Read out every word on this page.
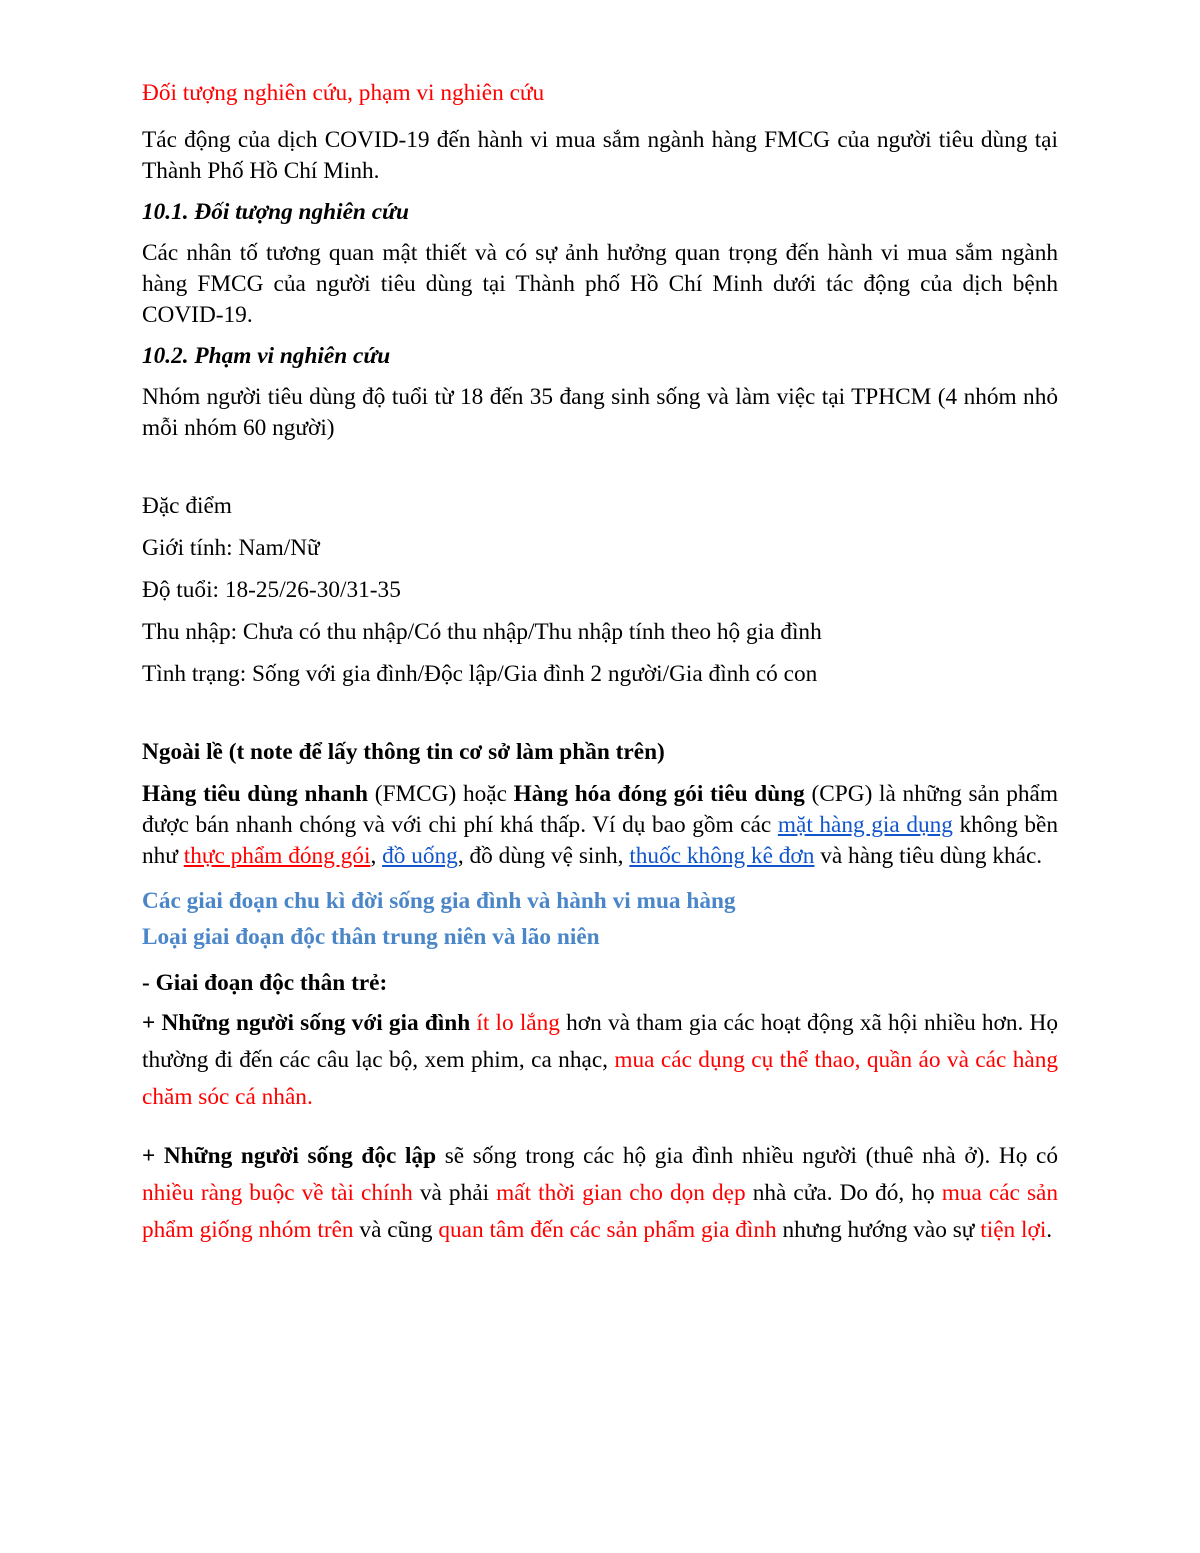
Đối tượng nghiên cứu, phạm vi nghiên cứu

Tác động của dịch COVID-19 đến hành vi mua sắm ngành hàng FMCG của người tiêu dùng tại Thành Phố Hồ Chí Minh.

10.1. Đối tượng nghiên cứu

Các nhân tố tương quan mật thiết và có sự ảnh hưởng quan trọng đến hành vi mua sắm ngành hàng FMCG của người tiêu dùng tại Thành phố Hồ Chí Minh dưới tác động của dịch bệnh COVID-19.

10.2. Phạm vi nghiên cứu

Nhóm người tiêu dùng độ tuổi từ 18 đến 35 đang sinh sống và làm việc tại TPHCM (4 nhóm nhỏ mỗi nhóm 60 người)

Đặc điểm

Giới tính: Nam/Nữ

Độ tuổi: 18-25/26-30/31-35

Thu nhập: Chưa có thu nhập/Có thu nhập/Thu nhập tính theo hộ gia đình

Tình trạng: Sống với gia đình/Độc lập/Gia đình 2 người/Gia đình có con

Ngoài lề (t note để lấy thông tin cơ sở làm phần trên)

Hàng tiêu dùng nhanh (FMCG) hoặc Hàng hóa đóng gói tiêu dùng (CPG) là những sản phẩm được bán nhanh chóng và với chi phí khá thấp. Ví dụ bao gồm các mặt hàng gia dụng không bền như thực phẩm đóng gói, đồ uống, đồ dùng vệ sinh, thuốc không kê đơn và hàng tiêu dùng khác.

Các giai đoạn chu kì đời sống gia đình và hành vi mua hàng

Loại giai đoạn độc thân trung niên và lão niên

- Giai đoạn độc thân trẻ:

+ Những người sống với gia đình ít lo lắng hơn và tham gia các hoạt động xã hội nhiều hơn. Họ thường đi đến các câu lạc bộ, xem phim, ca nhạc, mua các dụng cụ thể thao, quần áo và các hàng chăm sóc cá nhân.

+ Những người sống độc lập sẽ sống trong các hộ gia đình nhiều người (thuê nhà ở). Họ có nhiều ràng buộc về tài chính và phải mất thời gian cho dọn dẹp nhà cửa. Do đó, họ mua các sản phẩm giống nhóm trên và cũng quan tâm đến các sản phẩm gia đình nhưng hướng vào sự tiện lợi.
